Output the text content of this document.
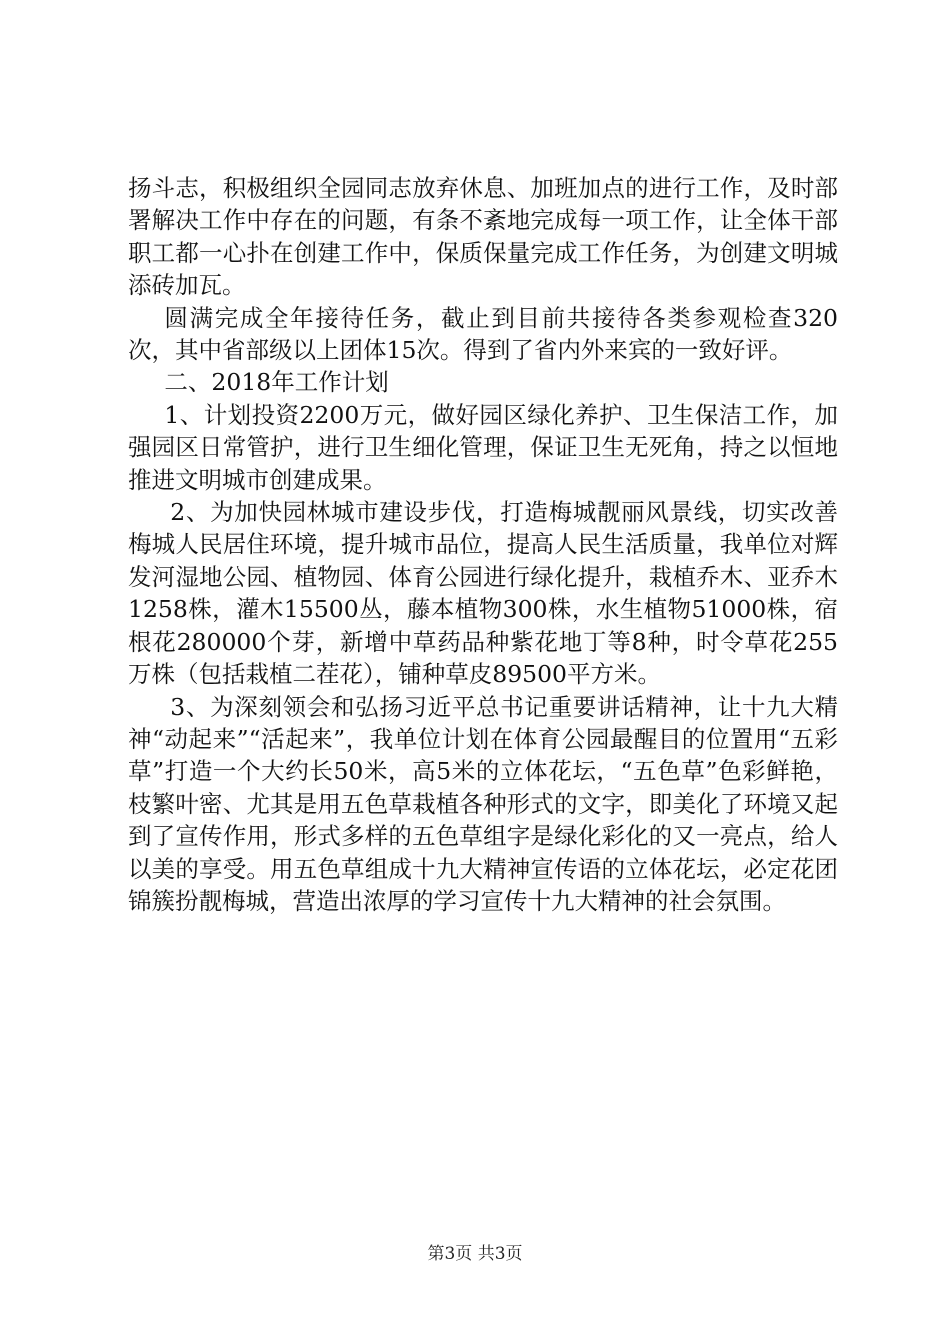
扬斗志，积极组织全园同志放弃休息、加班加点的进行工作，及时部署解决工作中存在的问题，有条不紊地完成每一项工作，让全体干部职工都一心扑在创建工作中，保质保量完成工作任务，为创建文明城添砖加瓦。

圆满完成全年接待任务，截止到目前共接待各类参观检查320次，其中省部级以上团体15次。得到了省内外来宾的一致好评。

二、2018年工作计划

1、计划投资2200万元，做好园区绿化养护、卫生保洁工作，加强园区日常管护，进行卫生细化管理，保证卫生无死角，持之以恒地推进文明城市创建成果。

2、为加快园林城市建设步伐，打造梅城靓丽风景线，切实改善梅城人民居住环境，提升城市品位，提高人民生活质量，我单位对辉发河湿地公园、植物园、体育公园进行绿化提升，栽植乔木、亚乔木1258株，灌木15500丛，藤本植物300株，水生植物51000株，宿根花280000个芽，新增中草药品种紫花地丁等8种，时令草花255万株（包括栽植二茬花），铺种草皮89500平方米。

3、为深刻领会和弘扬习近平总书记重要讲话精神，让十九大精神“动起来”“活起来”，我单位计划在体育公园最醒目的位置用“五彩草”打造一个大约长50米，高5米的立体花坛，“五色草”色彩鲜艳，枝繁叶密、尤其是用五色草栽植各种形式的文字，即美化了环境又起到了宣传作用，形式多样的五色草组字是绿化彩化的又一亮点，给人以美的享受。用五色草组成十九大精神宣传语的立体花坛，必定花团锦簇扮靓梅城，营造出浓厚的学习宣传十九大精神的社会氛围。

第3页 共3页
